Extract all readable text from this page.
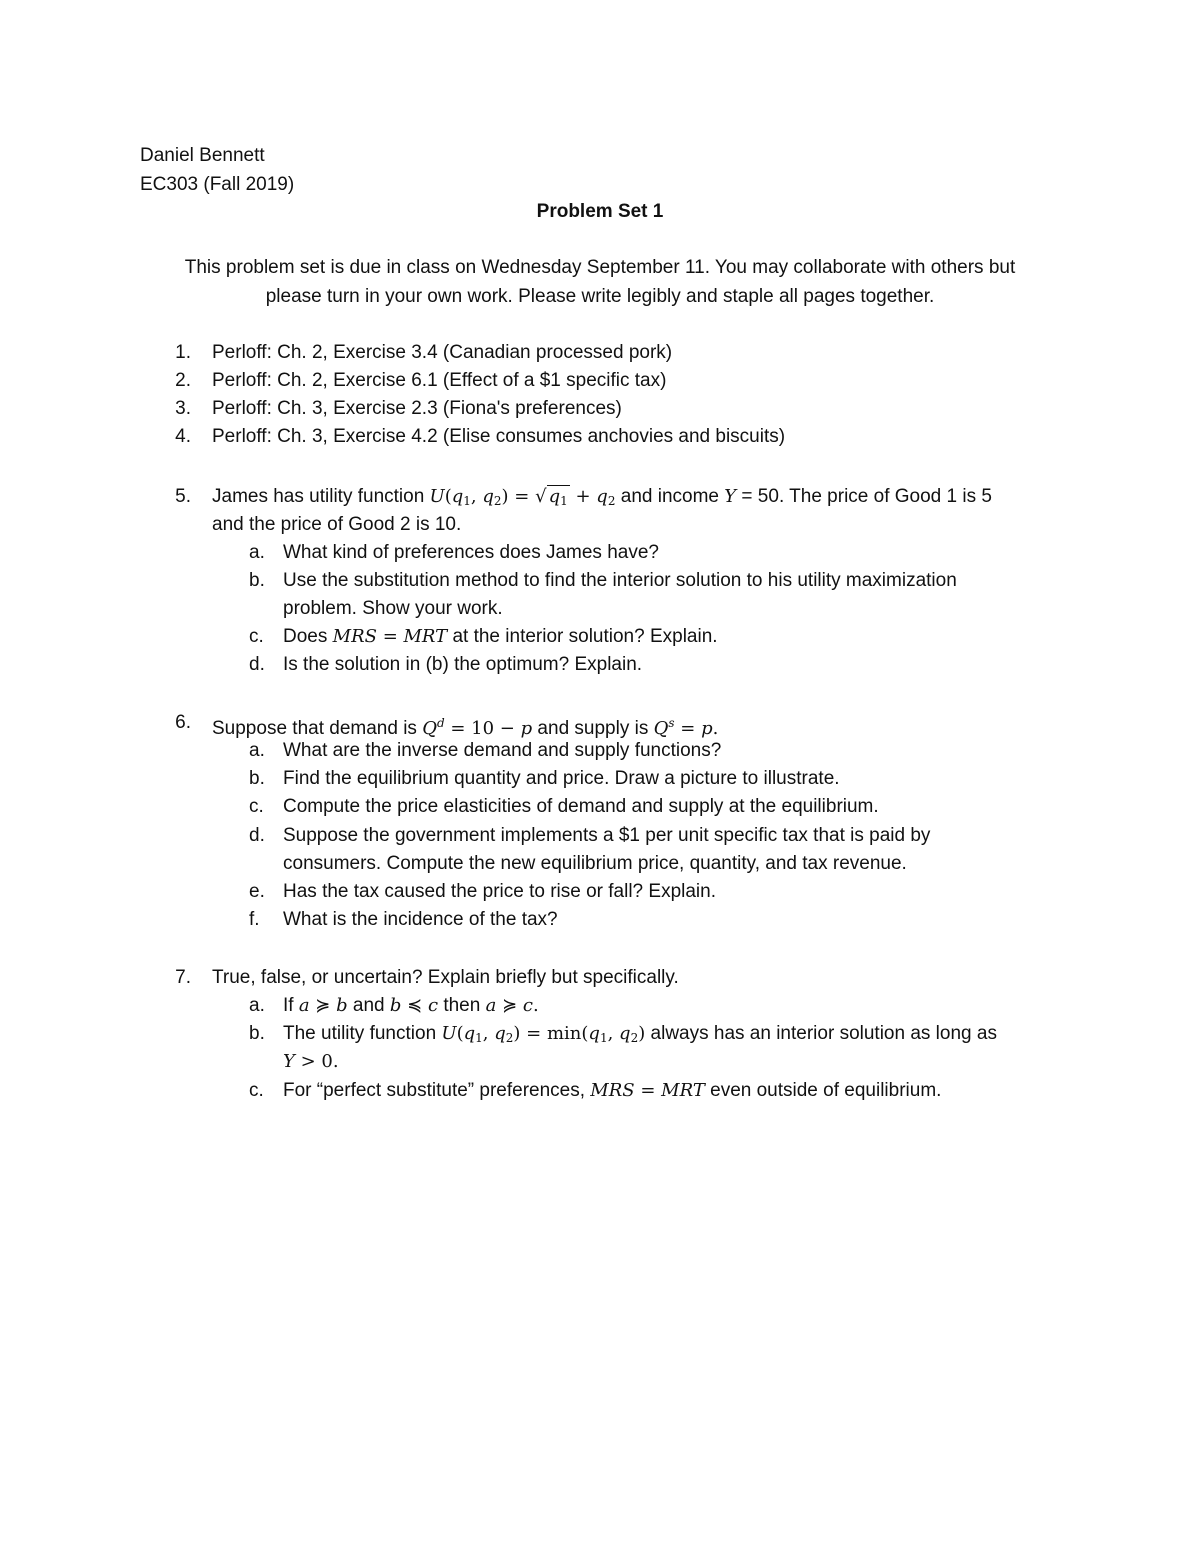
Daniel Bennett
EC303 (Fall 2019)
Problem Set 1
This problem set is due in class on Wednesday September 11. You may collaborate with others but
please turn in your own work. Please write legibly and staple all pages together.
1. Perloff: Ch. 2, Exercise 3.4 (Canadian processed pork)
2. Perloff: Ch. 2, Exercise 6.1 (Effect of a $1 specific tax)
3. Perloff: Ch. 3, Exercise 2.3 (Fiona's preferences)
4. Perloff: Ch. 3, Exercise 4.2 (Elise consumes anchovies and biscuits)
5. James has utility function $U(q_1$, $q_2$) = √ $q_1 + q_2$ and income Y = 50. The price of Good 1 is 5
and the price of Good 2 is 10.
a. What kind of preferences does James have?
b. Use the substitution method to find the interior solution to his utility maximization
problem. Show your work.
c. Does MRS = MRT at the interior solution? Explain.
d. Is the solution in (b) the optimum? Explain.
6. Suppose that demand is $Q^d = 10 - p$ and supply is $Q^s = p$.
a. What are the inverse demand and supply functions?
b. Find the equilibrium quantity and price. Draw a picture to illustrate.
c. Compute the price elasticities of demand and supply at the equilibrium.
d. Suppose the government implements a $1 per unit specific tax that is paid by
consumers. Compute the new equilibrium price, quantity, and tax revenue.
e. Has the tax caused the price to rise or fall? Explain.
f. What is the incidence of the tax?
7. True, false, or uncertain? Explain briefly but specifically.
a. If a ≽ b and b ≼ c then a ≽ c.
b. The utility function $U(q_1$, $q_2) = \min(q_1$, $q_2$) always has an interior solution as long as
Y > 0.
c. For “perfect substitute” preferences, MRS = MRT even outside of equilibrium.
